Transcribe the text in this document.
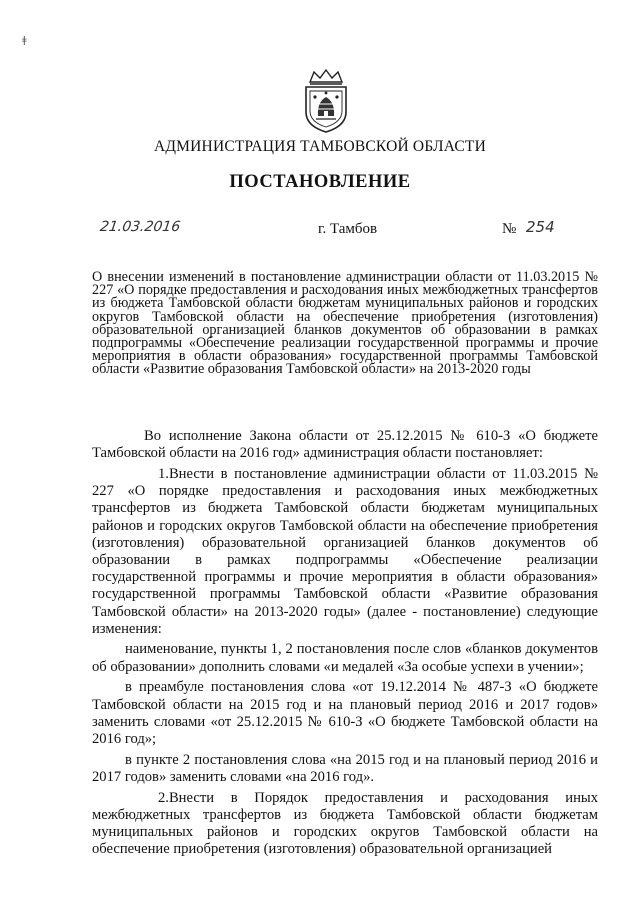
ǂ
АДМИНИСТРАЦИЯ ТАМБОВСКОЙ ОБЛАСТИ
ПОСТАНОВЛЕНИЕ
21.03.2016	г. Тамбов	№ 254
О внесении изменений в постановление администрации области от 11.03.2015 № 227 «О порядке предоставления и расходования иных межбюджетных трансфертов из бюджета Тамбовской области бюджетам муниципальных районов и городских округов Тамбовской области на обеспечение приобретения (изготовления) образовательной организацией бланков документов об образовании в рамках подпрограммы «Обеспечение реализации государственной программы и прочие мероприятия в области образования» государственной программы Тамбовской области «Развитие образования Тамбовской области» на 2013-2020 годы

Во исполнение Закона области от 25.12.2015 № 610-З «О бюджете Тамбовской области на 2016 год» администрация области постановляет:

1.Внести в постановление администрации области от 11.03.2015 № 227 «О порядке предоставления и расходования иных межбюджетных трансфертов из бюджета Тамбовской области бюджетам муниципальных районов и городских округов Тамбовской области на обеспечение приобретения (изготовления) образовательной организацией бланков документов об образовании в рамках подпрограммы «Обеспечение реализации государственной программы и прочие мероприятия в области образования» государственной программы Тамбовской области «Развитие образования Тамбовской области» на 2013-2020 годы» (далее - постановление) следующие изменения:

наименование, пункты 1, 2 постановления после слов «бланков документов об образовании» дополнить словами «и медалей «За особые успехи в учении»;

в преамбуле постановления слова «от 19.12.2014 № 487-З «О бюджете Тамбовской области на 2015 год и на плановый период 2016 и 2017 годов» заменить словами «от 25.12.2015 № 610-З «О бюджете Тамбовской области на 2016 год»;

в пункте 2 постановления слова «на 2015 год и на плановый период 2016 и 2017 годов» заменить словами «на 2016 год».

2.Внести в Порядок предоставления и расходования иных межбюджетных трансфертов из бюджета Тамбовской области бюджетам муниципальных районов и городских округов Тамбовской области на обеспечение приобретения (изготовления) образовательной организацией
